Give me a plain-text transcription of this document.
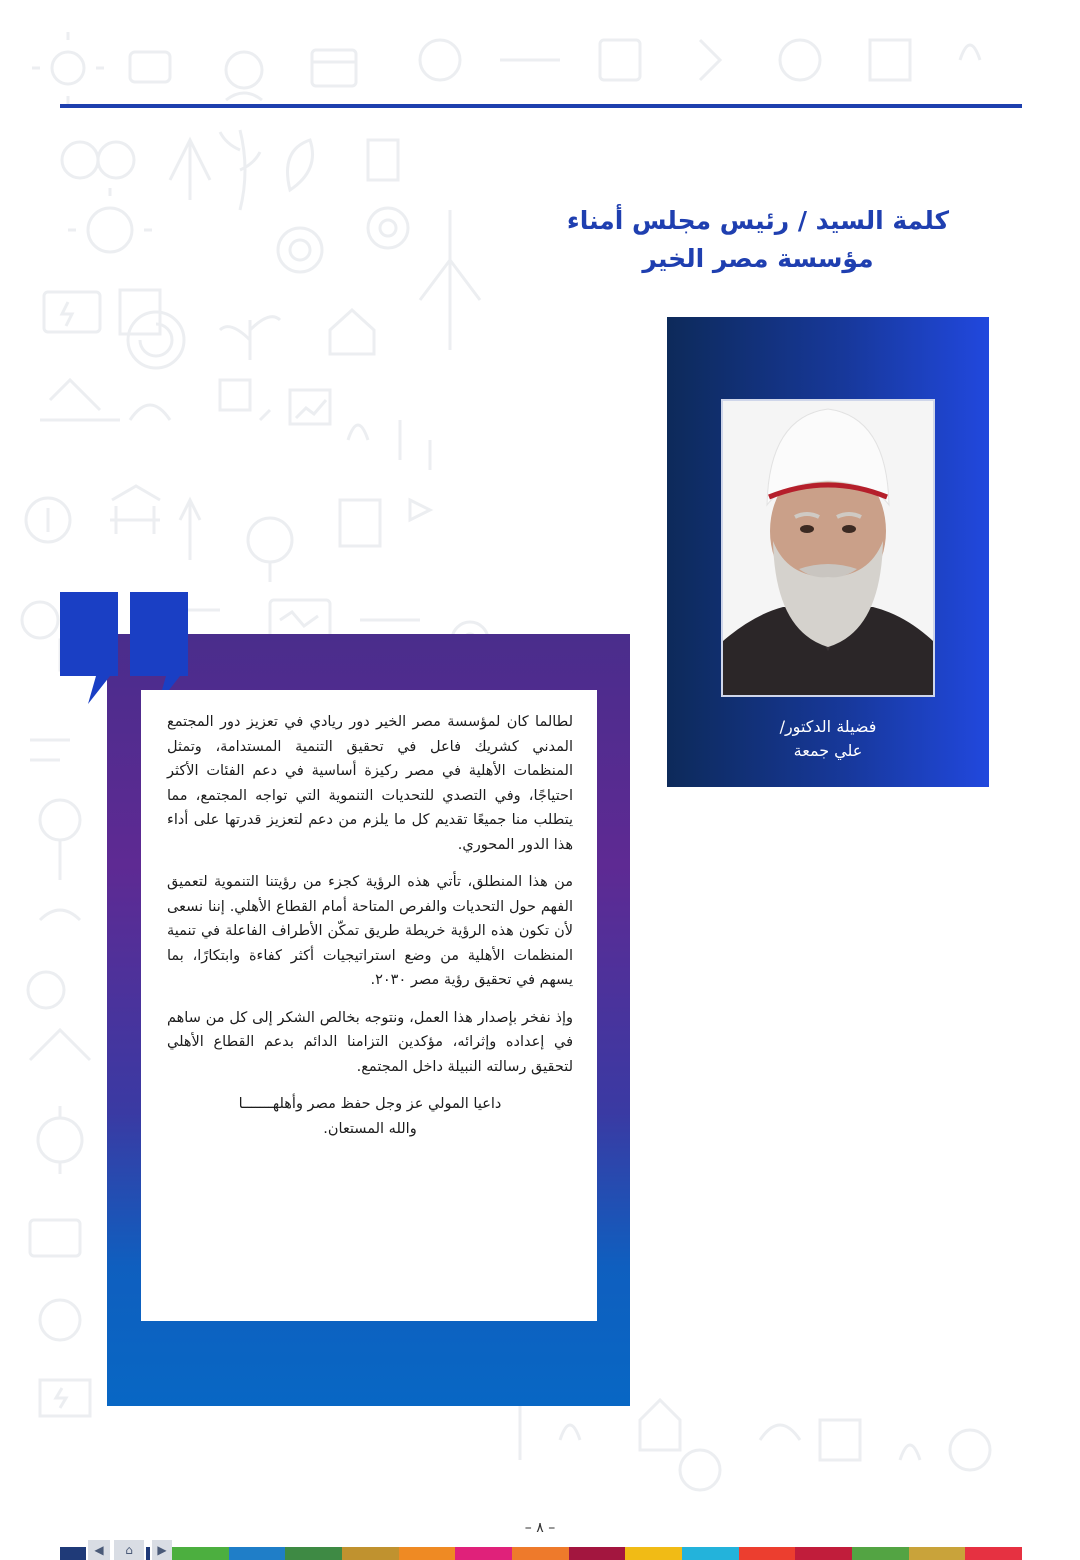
كلمة السيد / رئيس مجلس أمناء
مؤسسة مصر الخير
فضيلة الدكتور/
علي جمعة

لطالما كان لمؤسسة مصر الخير دور ريادي في تعزيز دور المجتمع المدني كشريك فاعل في تحقيق التنمية المستدامة، وتمثل المنظمات الأهلية في مصر ركيزة أساسية في دعم الفئات الأكثر احتياجًا، وفي التصدي للتحديات التنموية التي تواجه المجتمع، مما يتطلب منا جميعًا تقديم كل ما يلزم من دعم لتعزيز قدرتها على أداء هذا الدور المحوري.

من هذا المنطلق، تأتي هذه الرؤية كجزء من رؤيتنا التنموية لتعميق الفهم حول التحديات والفرص المتاحة أمام القطاع الأهلي. إننا نسعى لأن تكون هذه الرؤية خريطة طريق تمكّن الأطراف الفاعلة في تنمية المنظمات الأهلية من وضع استراتيجيات أكثر كفاءة وابتكارًا، بما يسهم في تحقيق رؤية مصر ٢٠٣٠.

وإذ نفخر بإصدار هذا العمل، ونتوجه بخالص الشكر إلى كل من ساهم في إعداده وإثرائه، مؤكدين التزامنا الدائم بدعم القطاع الأهلي لتحقيق رسالته النبيلة داخل المجتمع.

داعيا المولي عز وجل حفظ مصر وأهلهـــــــا
والله المستعان.

– ٨ –
◀ ⌂ ▶
